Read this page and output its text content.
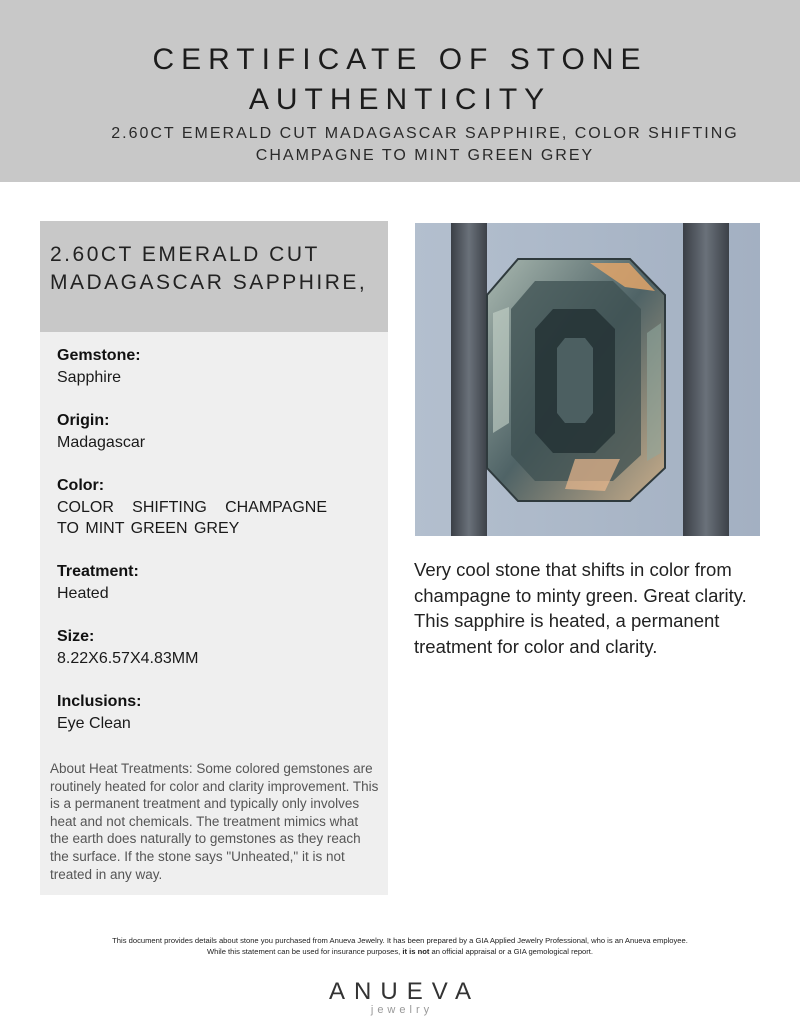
CERTIFICATE OF STONE AUTHENTICITY
2.60CT EMERALD CUT MADAGASCAR SAPPHIRE, COLOR SHIFTING CHAMPAGNE TO MINT GREEN GREY
2.60CT EMERALD CUT MADAGASCAR SAPPHIRE,
Gemstone:
Sapphire
Origin:
Madagascar
Color:
COLOR SHIFTING CHAMPAGNE TO MINT GREEN GREY
Treatment:
Heated
Size:
8.22X6.57X4.83MM
Inclusions:
Eye Clean
About Heat Treatments: Some colored gemstones are routinely heated for color and clarity improvement. This is a permanent treatment and typically only involves heat and not chemicals. The treatment mimics what the earth does naturally to gemstones as they reach the surface. If the stone says "Unheated," it is not treated in any way.
Very cool stone that shifts in color from champagne to minty green. Great clarity. This sapphire is heated, a permanent treatment for color and clarity.
This document provides details about stone you purchased from Anueva Jewelry. It has been prepared by a GIA Applied Jewelry Professional, who is an Anueva employee.
While this statement can be used for insurance purposes, it is not an official appraisal or a GIA gemological report.
ANUEVA
jewelry
